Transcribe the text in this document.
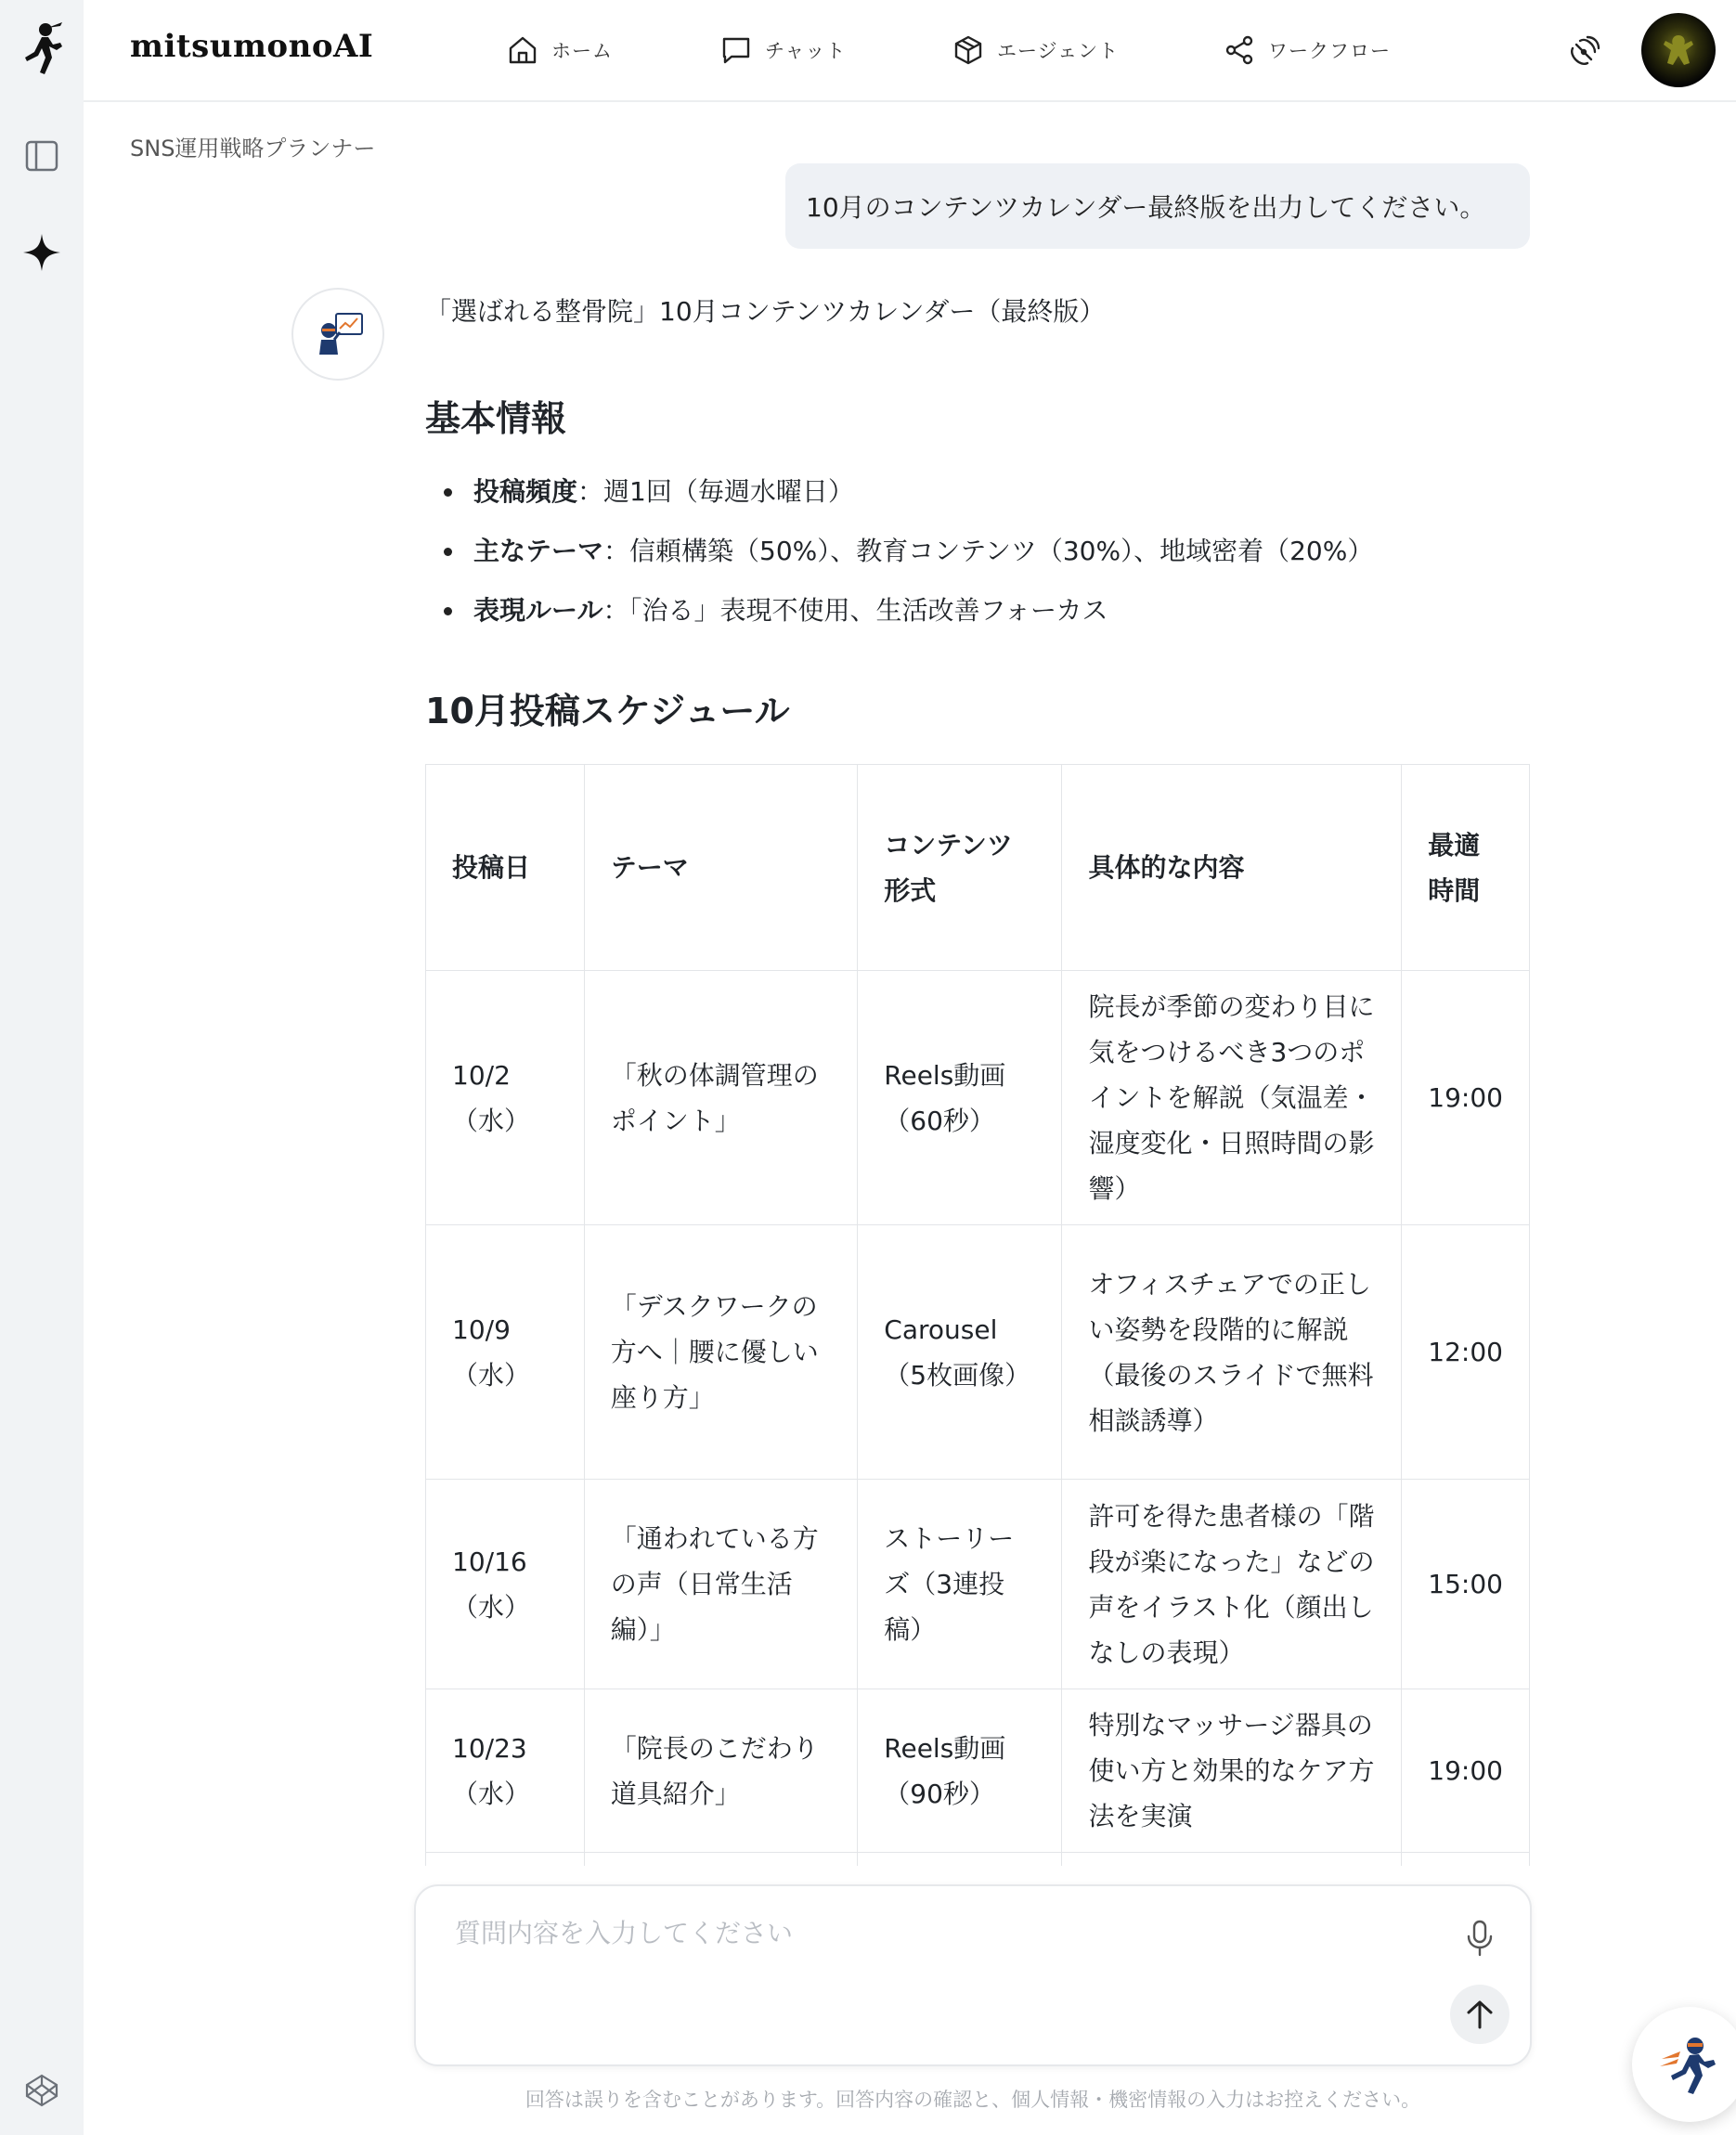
mitsumonoAI	ホーム	チャット	エージェント	ワークフロー
SNS運用戦略プランナー
10月のコンテンツカレンダー最終版を出力してください。
「選ばれる整骨院」10月コンテンツカレンダー（最終版）
基本情報
投稿頻度：週1回（毎週水曜日）
主なテーマ：信頼構築（50%）、教育コンテンツ（30%）、地域密着（20%）
表現ルール：「治る」表現不使用、生活改善フォーカス
10月投稿スケジュール
投稿日	テーマ	コンテンツ形式	具体的な内容	最適時間
10/2（水）	「秋の体調管理のポイント」	Reels動画（60秒）	院長が季節の変わり目に気をつけるべき3つのポイントを解説（気温差・湿度変化・日照時間の影響）	19:00
10/9（水）	「デスクワークの方へ｜腰に優しい座り方」	Carousel（5枚画像）	オフィスチェアでの正しい姿勢を段階的に解説（最後のスライドで無料相談誘導）	12:00
10/16（水）	「通われている方の声（日常生活編）」	ストーリーズ（3連投稿）	許可を得た患者様の「階段が楽になった」などの声をイラスト化（顔出しなしの表現）	15:00
10/23（水）	「院長のこだわり道具紹介」	Reels動画（90秒）	特別なマッサージ器具の使い方と効果的なケア方法を実演	19:00

質問内容を入力してください
回答は誤りを含むことがあります。回答内容の確認と、個人情報・機密情報の入力はお控えください。
